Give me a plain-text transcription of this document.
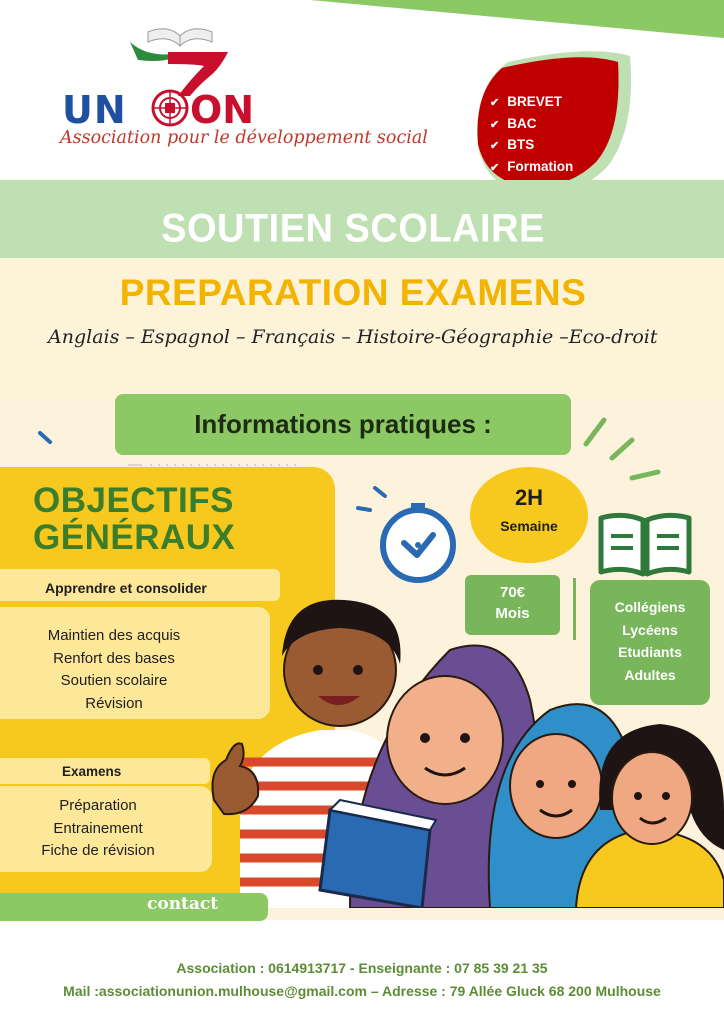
UN ON
Association pour le développement social
✔ BREVET
✔ BAC
✔ BTS
✔ Formation
SOUTIEN SCOLAIRE
PREPARATION EXAMENS
Anglais – Espagnol – Français – Histoire-Géographie –Eco-droit
Informations pratiques :
OBJECTIFS
GÉNÉRAUX
Apprendre et consolider
Maintien des acquis
Renfort des bases
Soutien scolaire
Révision
Examens
Préparation
Entrainement
Fiche de révision
2H
Semaine
70€
Mois	Collégiens
Lycéens
Etudiants
Adultes
contact
Association : 0614913717 - Enseignante : 07 85 39 21 35
Mail :associationunion.mulhouse@gmail.com – Adresse : 79 Allée Gluck 68 200 Mulhouse
